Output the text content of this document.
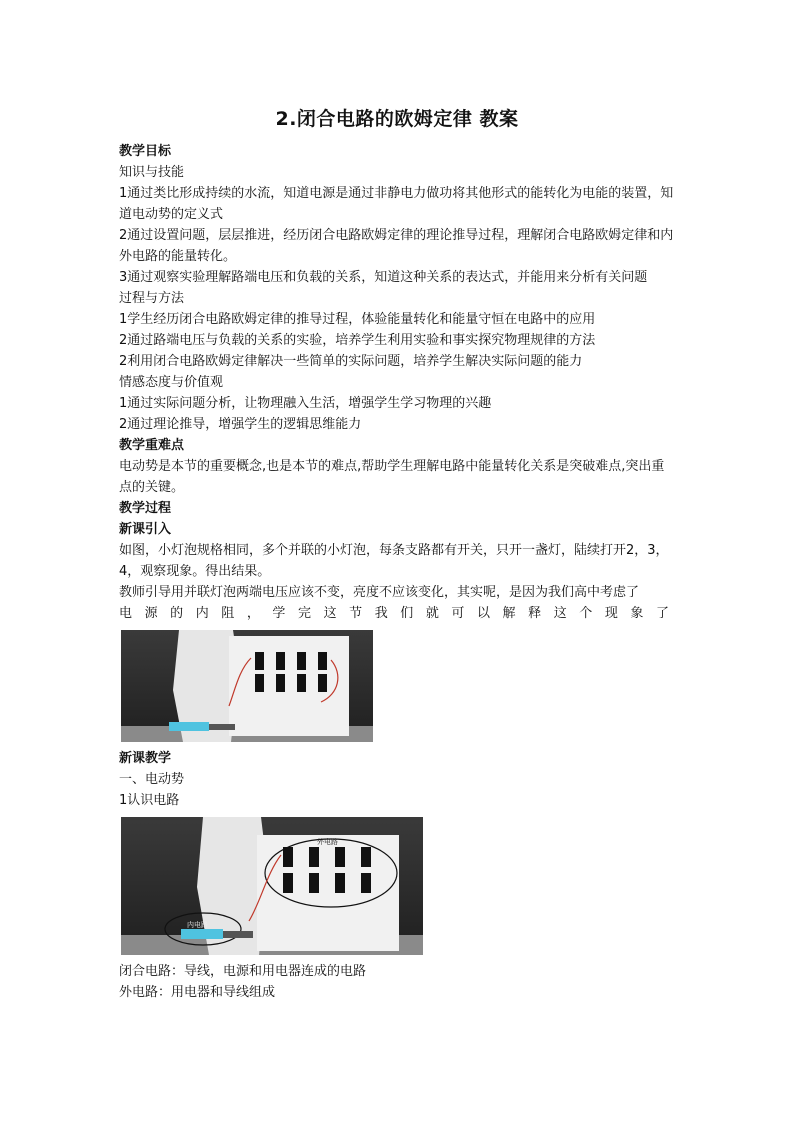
2.闭合电路的欧姆定律 教案

教学目标

知识与技能

1通过类比形成持续的水流，知道电源是通过非静电力做功将其他形式的能转化为电能的装置，知道电动势的定义式

2通过设置问题，层层推进，经历闭合电路欧姆定律的理论推导过程，理解闭合电路欧姆定律和内外电路的能量转化。

3通过观察实验理解路端电压和负载的关系，知道这种关系的表达式，并能用来分析有关问题

过程与方法

1学生经历闭合电路欧姆定律的推导过程，体验能量转化和能量守恒在电路中的应用

2通过路端电压与负载的关系的实验，培养学生利用实验和事实探究物理规律的方法

2利用闭合电路欧姆定律解决一些简单的实际问题，培养学生解决实际问题的能力

情感态度与价值观

1通过实际问题分析，让物理融入生活，增强学生学习物理的兴趣

2通过理论推导，增强学生的逻辑思维能力

教学重难点

电动势是本节的重要概念,也是本节的难点,帮助学生理解电路中能量转化关系是突破难点,突出重点的关键。

教学过程

新课引入

如图，小灯泡规格相同，多个并联的小灯泡，每条支路都有开关，只开一盏灯，陆续打开2，3，4，观察现象。得出结果。

教师引导用并联灯泡两端电压应该不变，亮度不应该变化，其实呢，是因为我们高中考虑了

电源的内阻，学完这节我们就可以解释这个现象了

新课教学

一、电动势

1认识电路

外电路
内电路

闭合电路：导线，电源和用电器连成的电路

外电路：用电器和导线组成
